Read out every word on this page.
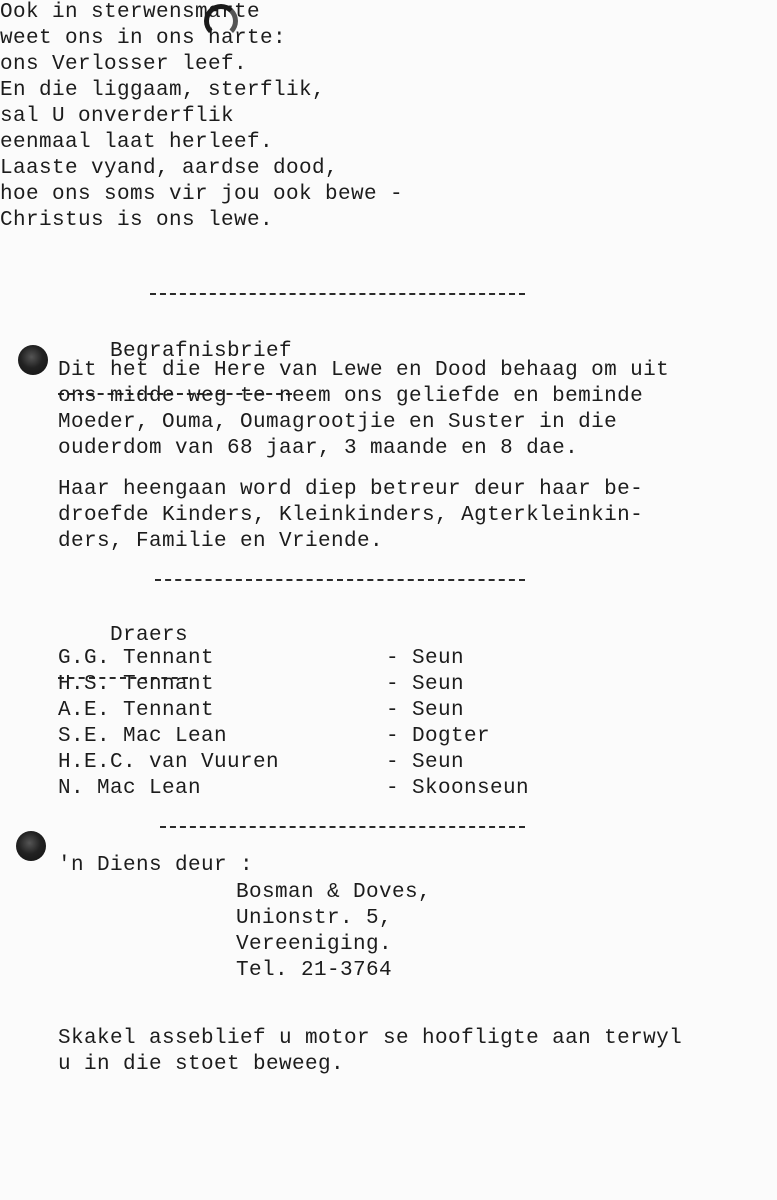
Ook in sterwensmarte
weet ons in ons harte:
ons Verlosser leef.
En die liggaam, sterflik,
sal U onverderflik
eenmaal laat herleef.
Laaste vyand, aardse dood,
hoe ons soms vir jou ook bewe -
Christus is ons lewe.

Begrafnisbrief

Dit het die Here van Lewe en Dood behaag om uit
ons midde weg te neem ons geliefde en beminde
Moeder, Ouma, Oumagrootjie en Suster in die
ouderdom van 68 jaar, 3 maande en 8 dae.
Haar heengaan word diep betreur deur haar be-
droefde Kinders, Kleinkinders, Agterkleinkin-
ders, Familie en Vriende.

Draers

G.G. Tennant	- Seun
H.S. Tennant	- Seun
A.E. Tennant	- Seun
S.E. Mac Lean	- Dogter
H.E.C. van Vuuren	- Seun
N. Mac Lean	- Skoonseun
'n Diens deur :
Bosman & Doves,
Unionstr. 5,
Vereeniging.
Tel. 21-3764
Skakel asseblief u motor se hoofligte aan terwyl
u in die stoet beweeg.
